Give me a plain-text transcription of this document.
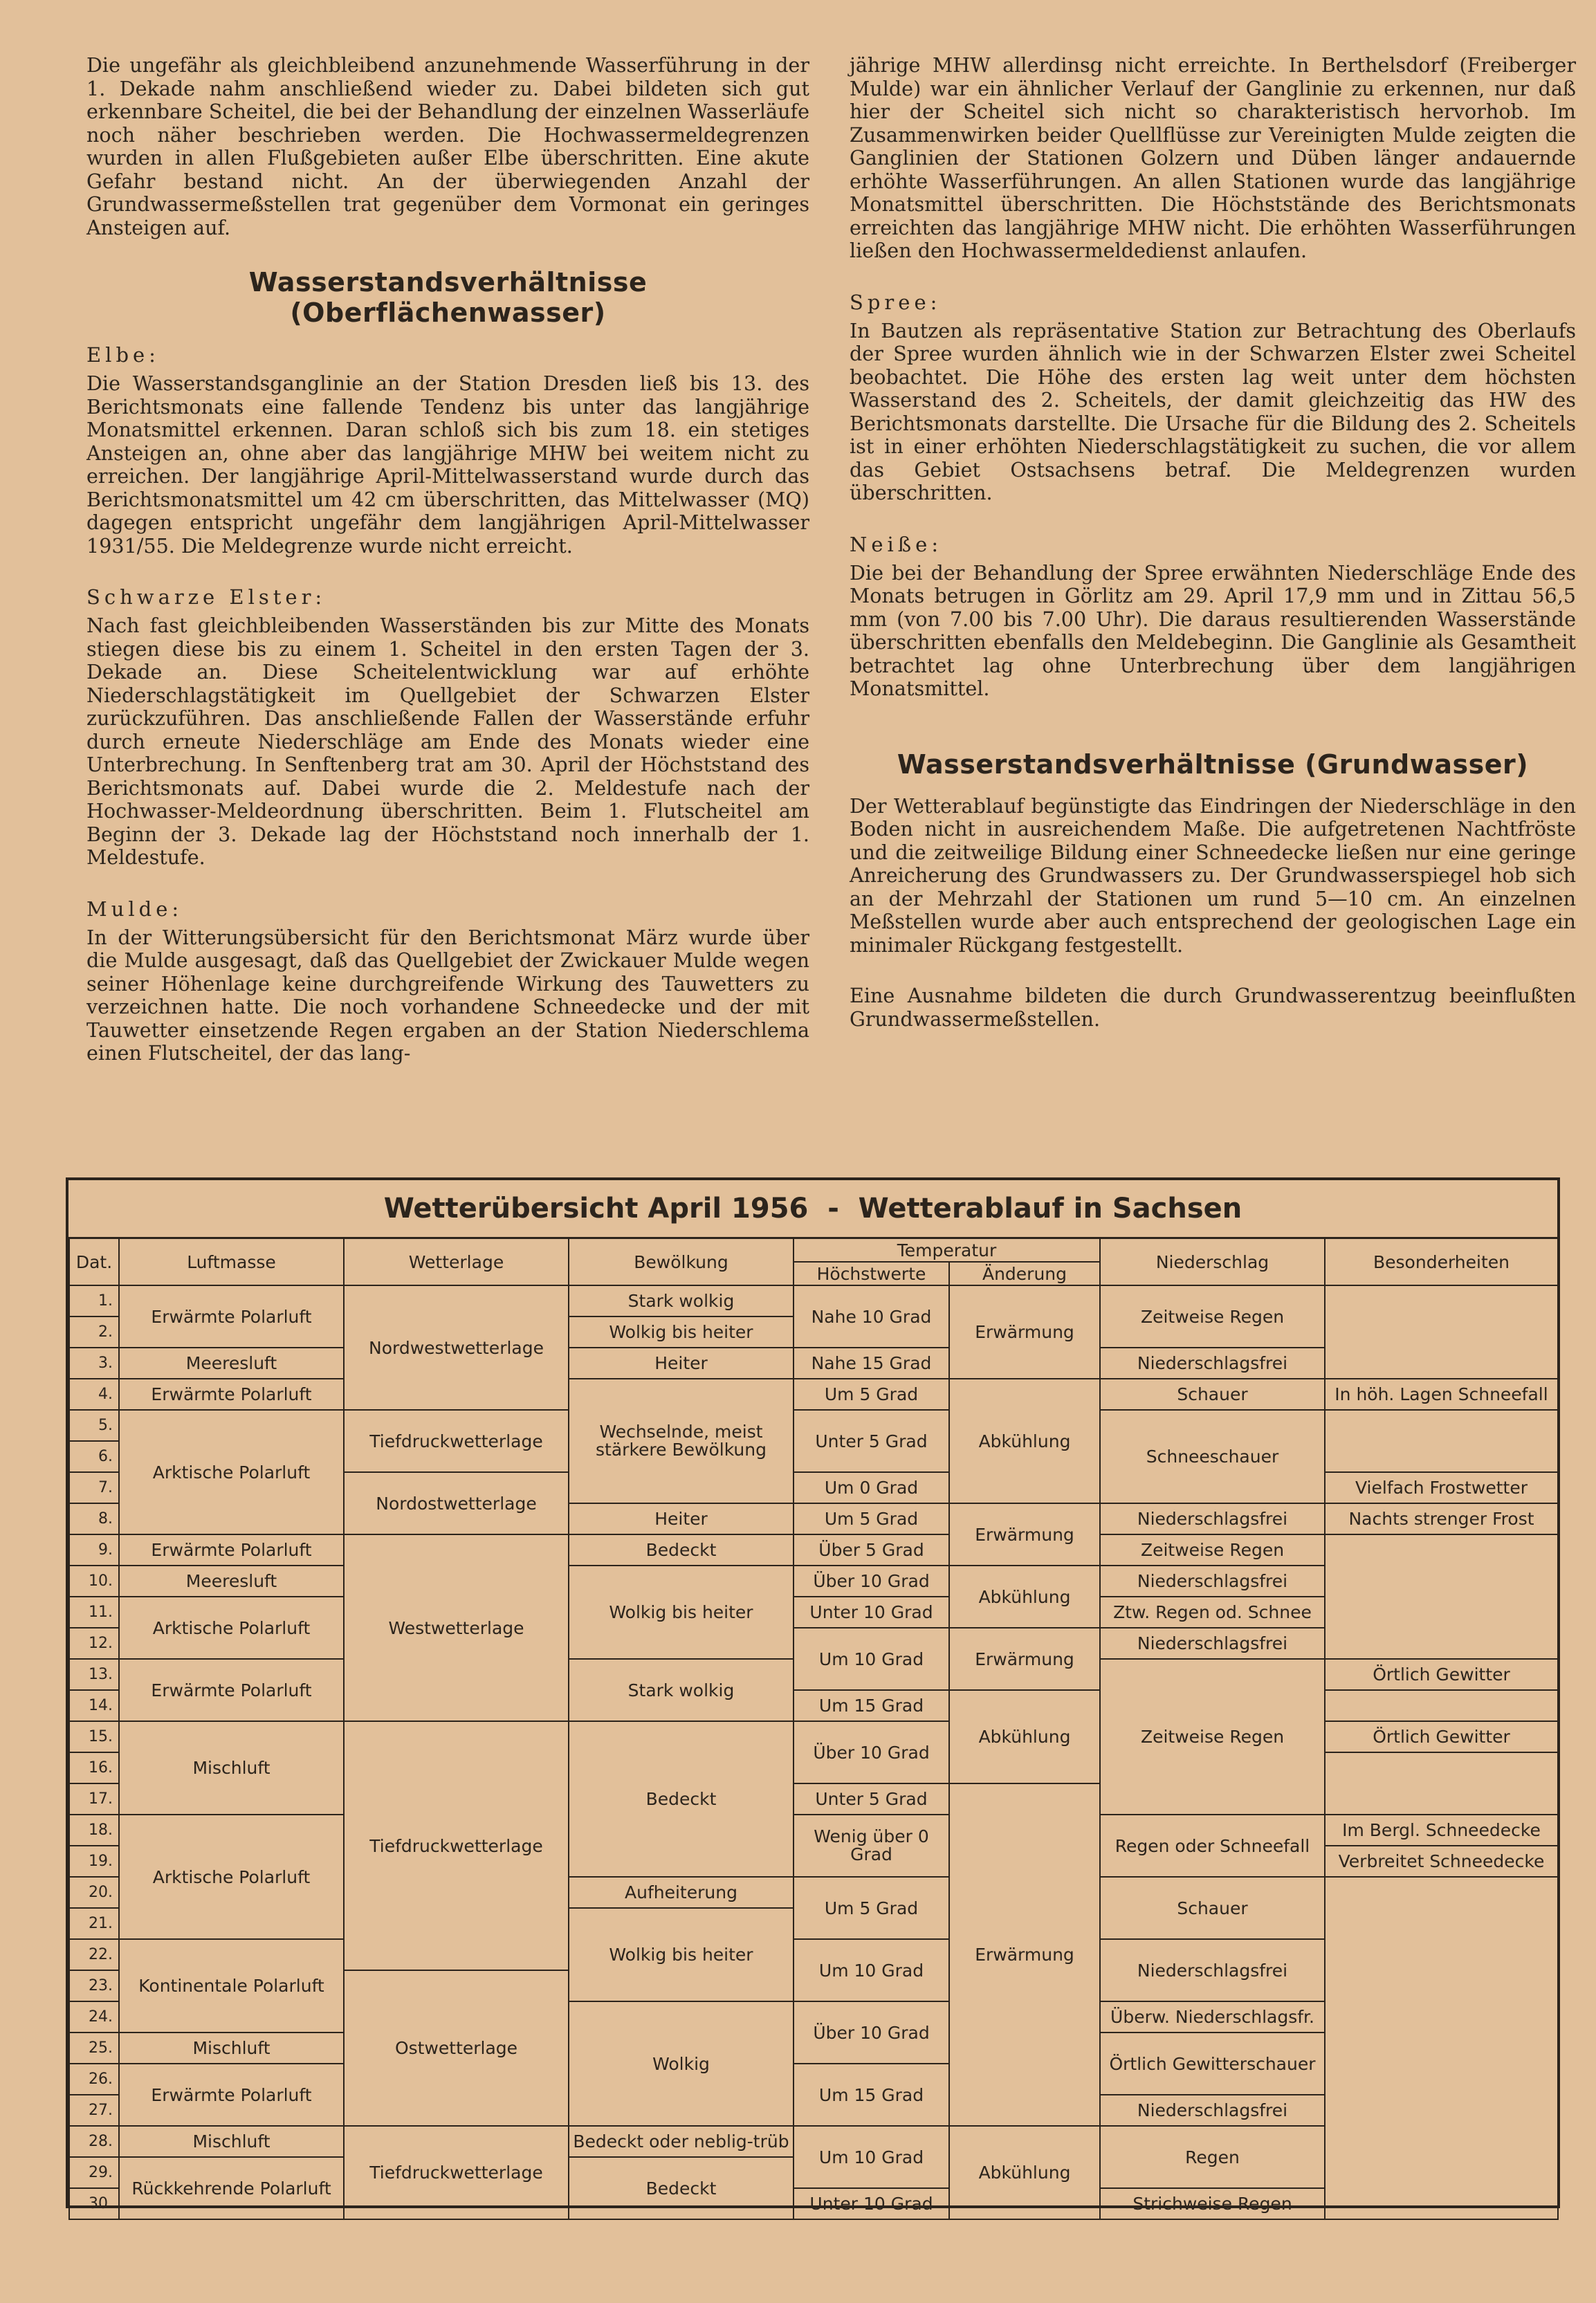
Die ungefähr als gleichbleibend anzunehmende Wasserführung in der 1. Dekade nahm anschließend wieder zu. Dabei bildeten sich gut erkennbare Scheitel, die bei der Behandlung der einzelnen Wasserläufe noch näher beschrieben werden. Die Hochwassermeldegrenzen wurden in allen Flußgebieten außer Elbe überschritten. Eine akute Gefahr bestand nicht. An der überwiegenden Anzahl der Grundwassermeßstellen trat gegenüber dem Vormonat ein geringes Ansteigen auf.

Wasserstandsverhältnisse (Oberflächenwasser)
Elbe:

Die Wasserstandsganglinie an der Station Dresden ließ bis 13. des Berichtsmonats eine fallende Tendenz bis unter das langjährige Monatsmittel erkennen. Daran schloß sich bis zum 18. ein stetiges Ansteigen an, ohne aber das langjährige MHW bei weitem nicht zu erreichen. Der langjährige April-Mittelwasserstand wurde durch das Berichtsmonatsmittel um 42 cm überschritten, das Mittelwasser (MQ) dagegen entspricht ungefähr dem langjährigen April-Mittelwasser 1931/55. Die Meldegrenze wurde nicht erreicht.

Schwarze Elster:

Nach fast gleichbleibenden Wasserständen bis zur Mitte des Monats stiegen diese bis zu einem 1. Scheitel in den ersten Tagen der 3. Dekade an. Diese Scheitelentwicklung war auf erhöhte Niederschlagstätigkeit im Quellgebiet der Schwarzen Elster zurückzuführen. Das anschließende Fallen der Wasserstände erfuhr durch erneute Niederschläge am Ende des Monats wieder eine Unterbrechung. In Senftenberg trat am 30. April der Höchststand des Berichtsmonats auf. Dabei wurde die 2. Meldestufe nach der Hochwasser-Meldeordnung überschritten. Beim 1. Flutscheitel am Beginn der 3. Dekade lag der Höchststand noch innerhalb der 1. Meldestufe.

Mulde:

In der Witterungsübersicht für den Berichtsmonat März wurde über die Mulde ausgesagt, daß das Quellgebiet der Zwickauer Mulde wegen seiner Höhenlage keine durchgreifende Wirkung des Tauwetters zu verzeichnen hatte. Die noch vorhandene Schneedecke und der mit Tauwetter einsetzende Regen ergaben an der Station Niederschlema einen Flutscheitel, der das lang-

jährige MHW allerdinsg nicht erreichte. In Berthelsdorf (Freiberger Mulde) war ein ähnlicher Verlauf der Ganglinie zu erkennen, nur daß hier der Scheitel sich nicht so charakteristisch hervorhob. Im Zusammenwirken beider Quellflüsse zur Vereinigten Mulde zeigten die Ganglinien der Stationen Golzern und Düben länger andauernde erhöhte Wasserführungen. An allen Stationen wurde das langjährige Monatsmittel überschritten. Die Höchststände des Berichtsmonats erreichten das langjährige MHW nicht. Die erhöhten Wasserführungen ließen den Hochwassermeldedienst anlaufen.

Spree:

In Bautzen als repräsentative Station zur Betrachtung des Oberlaufs der Spree wurden ähnlich wie in der Schwarzen Elster zwei Scheitel beobachtet. Die Höhe des ersten lag weit unter dem höchsten Wasserstand des 2. Scheitels, der damit gleichzeitig das HW des Berichtsmonats darstellte. Die Ursache für die Bildung des 2. Scheitels ist in einer erhöhten Niederschlagstätigkeit zu suchen, die vor allem das Gebiet Ostsachsens betraf. Die Meldegrenzen wurden überschritten.

Neiße:

Die bei der Behandlung der Spree erwähnten Niederschläge Ende des Monats betrugen in Görlitz am 29. April 17,9 mm und in Zittau 56,5 mm (von 7.00 bis 7.00 Uhr). Die daraus resultierenden Wasserstände überschritten ebenfalls den Meldebeginn. Die Ganglinie als Gesamtheit betrachtet lag ohne Unterbrechung über dem langjährigen Monatsmittel.

Wasserstandsverhältnisse (Grundwasser)

Der Wetterablauf begünstigte das Eindringen der Niederschläge in den Boden nicht in ausreichendem Maße. Die aufgetretenen Nachtfröste und die zeitweilige Bildung einer Schneedecke ließen nur eine geringe Anreicherung des Grundwassers zu. Der Grundwasserspiegel hob sich an der Mehrzahl der Stationen um rund 5—10 cm. An einzelnen Meßstellen wurde aber auch entsprechend der geologischen Lage ein minimaler Rückgang festgestellt.

Eine Ausnahme bildeten die durch Grundwasserentzug beeinflußten Grundwassermeßstellen.

Wetterübersicht April 1956  -  Wetterablauf in Sachsen
Dat.	Luftmasse	Wetterlage	Bewölkung	Temperatur		Niederschlag	Besonderheiten
				Höchstwerte	Änderung		
1.	Erwärmte Polarluft	Nordwestwetterlage	Stark wolkig	Nahe 10 Grad	Erwärmung	Zeitweise Regen	
2.			Wolkig bis heiter				
3.	Meeresluft		Heiter	Nahe 15 Grad		Niederschlagsfrei	
4.	Erwärmte Polarluft		Wechselnde, meist stärkere Bewölkung	Um 5 Grad	Abkühlung	Schauer	In höh. Lagen Schneefall
5.	Arktische Polarluft	Tiefdruckwetterlage		Unter 5 Grad		Schneeschauer	
6.							
7.		Nordostwetterlage		Um 0 Grad			Vielfach Frostwetter
8.			Heiter	Um 5 Grad	Erwärmung	Niederschlagsfrei	Nachts strenger Frost
9.	Erwärmte Polarluft	Westwetterlage	Bedeckt	Über 5 Grad		Zeitweise Regen	
10.	Meeresluft		Wolkig bis heiter	Über 10 Grad	Abkühlung	Niederschlagsfrei	
11.	Arktische Polarluft			Unter 10 Grad		Ztw. Regen od. Schnee	
12.				Um 10 Grad	Erwärmung	Niederschlagsfrei	
13.	Erwärmte Polarluft		Stark wolkig			Zeitweise Regen	Örtlich Gewitter
14.				Um 15 Grad	Abkühlung		
15.	Mischluft	Tiefdruckwetterlage	Bedeckt	Über 10 Grad			Örtlich Gewitter
16.							
17.				Unter 5 Grad	Erwärmung		
18.	Arktische Polarluft			Wenig über 0 Grad		Regen oder Schneefall	Im Bergl. Schneedecke
19.							Verbreitet Schneedecke
20.			Aufheiterung	Um 5 Grad		Schauer	
21.			Wolkig bis heiter				
22.	Kontinentale Polarluft			Um 10 Grad		Niederschlagsfrei	
23.		Ostwetterlage					
24.			Wolkig	Über 10 Grad		Überw. Niederschlagsfr.	
25.	Mischluft					Örtlich Gewitterschauer	
26.	Erwärmte Polarluft			Um 15 Grad			
27.						Niederschlagsfrei	
28.	Mischluft	Tiefdruckwetterlage	Bedeckt oder neblig-trüb	Um 10 Grad	Abkühlung	Regen	
29.	Rückkehrende Polarluft		Bedeckt				
30.				Unter 10 Grad		Strichweise Regen	
